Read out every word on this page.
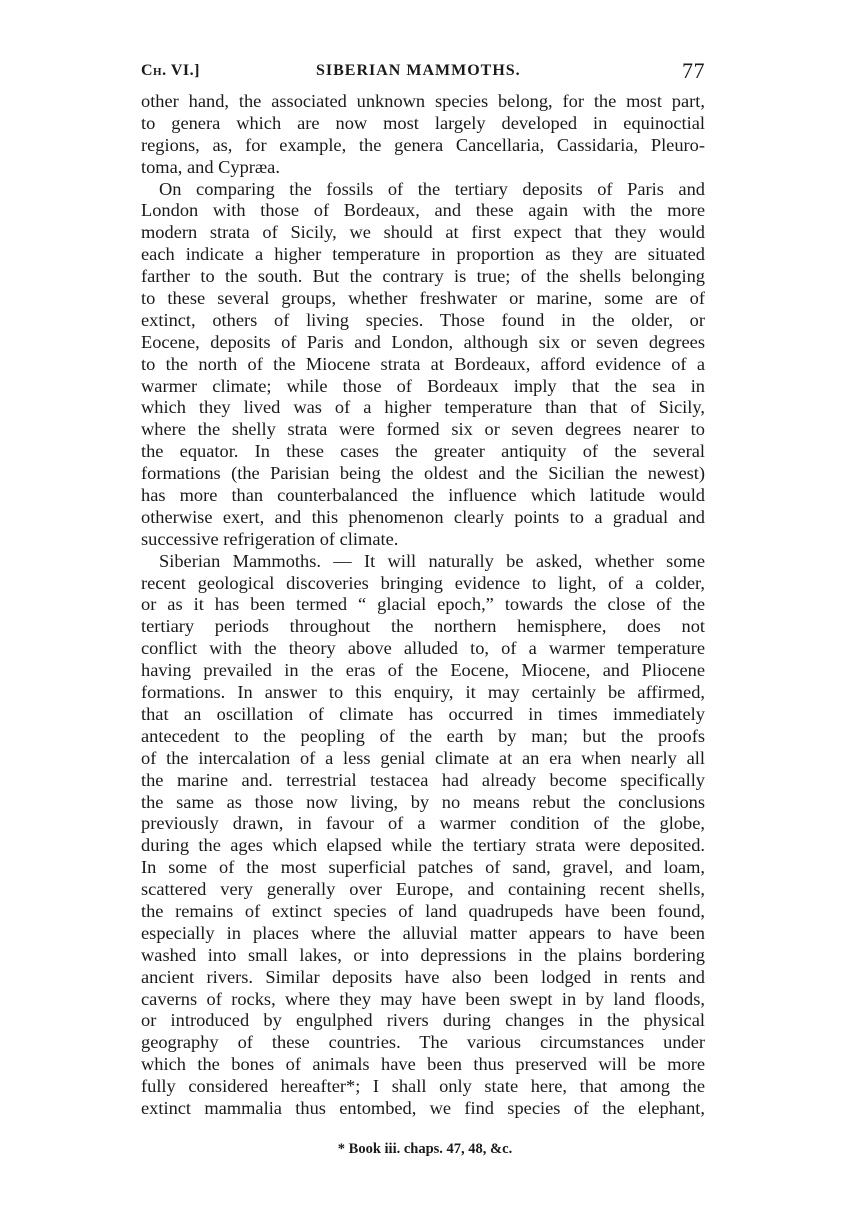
Ch. VI.]	SIBERIAN MAMMOTHS.	77
other hand, the associated unknown species belong, for the most part,
to genera which are now most largely developed in equinoctial
regions, as, for example, the genera Cancellaria, Cassidaria, Pleuro-
toma, and Cypræa.
On comparing the fossils of the tertiary deposits of Paris and
London with those of Bordeaux, and these again with the more
modern strata of Sicily, we should at first expect that they would
each indicate a higher temperature in proportion as they are situated
farther to the south. But the contrary is true; of the shells belonging
to these several groups, whether freshwater or marine, some are of
extinct, others of living species. Those found in the older, or
Eocene, deposits of Paris and London, although six or seven degrees
to the north of the Miocene strata at Bordeaux, afford evidence of a
warmer climate; while those of Bordeaux imply that the sea in
which they lived was of a higher temperature than that of Sicily,
where the shelly strata were formed six or seven degrees nearer to
the equator. In these cases the greater antiquity of the several
formations (the Parisian being the oldest and the Sicilian the newest)
has more than counterbalanced the influence which latitude would
otherwise exert, and this phenomenon clearly points to a gradual and
successive refrigeration of climate.
Siberian Mammoths. — It will naturally be asked, whether some
recent geological discoveries bringing evidence to light, of a colder,
or as it has been termed “ glacial epoch,” towards the close of the
tertiary periods throughout the northern hemisphere, does not
conflict with the theory above alluded to, of a warmer temperature
having prevailed in the eras of the Eocene, Miocene, and Pliocene
formations. In answer to this enquiry, it may certainly be affirmed,
that an oscillation of climate has occurred in times immediately
antecedent to the peopling of the earth by man; but the proofs
of the intercalation of a less genial climate at an era when nearly all
the marine and. terrestrial testacea had already become specifically
the same as those now living, by no means rebut the conclusions
previously drawn, in favour of a warmer condition of the globe,
during the ages which elapsed while the tertiary strata were deposited.
In some of the most superficial patches of sand, gravel, and loam,
scattered very generally over Europe, and containing recent shells,
the remains of extinct species of land quadrupeds have been found,
especially in places where the alluvial matter appears to have been
washed into small lakes, or into depressions in the plains bordering
ancient rivers. Similar deposits have also been lodged in rents and
caverns of rocks, where they may have been swept in by land floods,
or introduced by engulphed rivers during changes in the physical
geography of these countries. The various circumstances under
which the bones of animals have been thus preserved will be more
fully considered hereafter*; I shall only state here, that among the
extinct mammalia thus entombed, we find species of the elephant,
* Book iii. chaps. 47, 48, &c.
